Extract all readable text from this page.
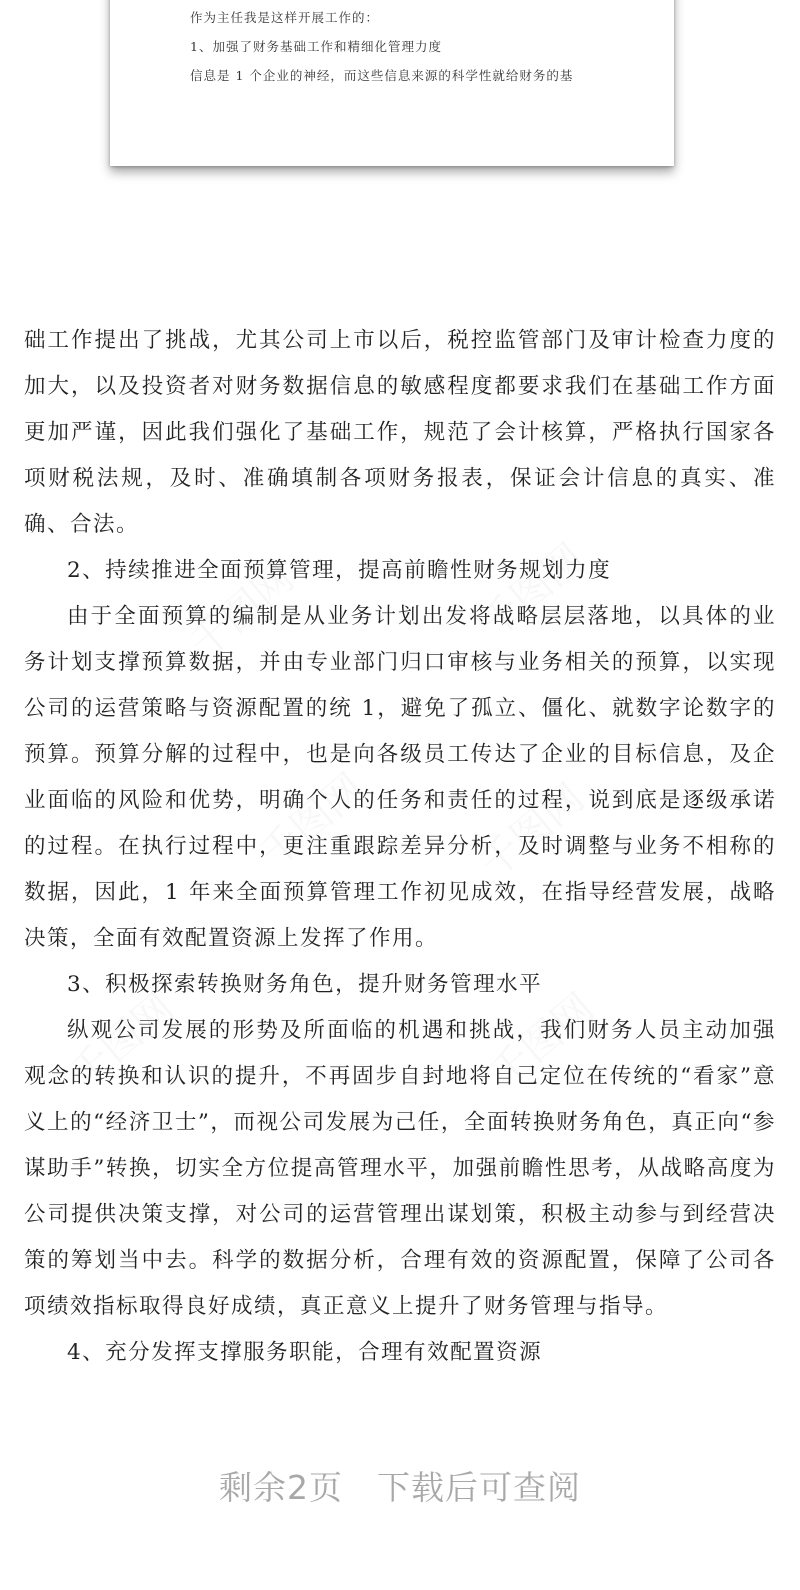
千图网	千图网
千图网 千图网
千图网	千图网
作为主任我是这样开展工作的：
1、加强了财务基础工作和精细化管理力度
信息是 1 个企业的神经，而这些信息来源的科学性就给财务的基

础工作提出了挑战，尤其公司上市以后，税控监管部门及审计检查力度的加大，以及投资者对财务数据信息的敏感程度都要求我们在基础工作方面更加严谨，因此我们强化了基础工作，规范了会计核算，严格执行国家各项财税法规，及时、准确填制各项财务报表，保证会计信息的真实、准确、合法。

2、持续推进全面预算管理，提高前瞻性财务规划力度

由于全面预算的编制是从业务计划出发将战略层层落地，以具体的业务计划支撑预算数据，并由专业部门归口审核与业务相关的预算，以实现公司的运营策略与资源配置的统 1，避免了孤立、僵化、就数字论数字的预算。预算分解的过程中，也是向各级员工传达了企业的目标信息，及企业面临的风险和优势，明确个人的任务和责任的过程，说到底是逐级承诺的过程。在执行过程中，更注重跟踪差异分析，及时调整与业务不相称的数据，因此，1 年来全面预算管理工作初见成效，在指导经营发展，战略决策，全面有效配置资源上发挥了作用。

3、积极探索转换财务角色，提升财务管理水平

纵观公司发展的形势及所面临的机遇和挑战，我们财务人员主动加强观念的转换和认识的提升，不再固步自封地将自己定位在传统的“看家”意义上的“经济卫士”，而视公司发展为己任，全面转换财务角色，真正向“参谋助手”转换，切实全方位提高管理水平，加强前瞻性思考，从战略高度为公司提供决策支撑，对公司的运营管理出谋划策，积极主动参与到经营决策的筹划当中去。科学的数据分析，合理有效的资源配置，保障了公司各项绩效指标取得良好成绩，真正意义上提升了财务管理与指导。

4、充分发挥支撑服务职能，合理有效配置资源

剩余2页 下载后可查阅
